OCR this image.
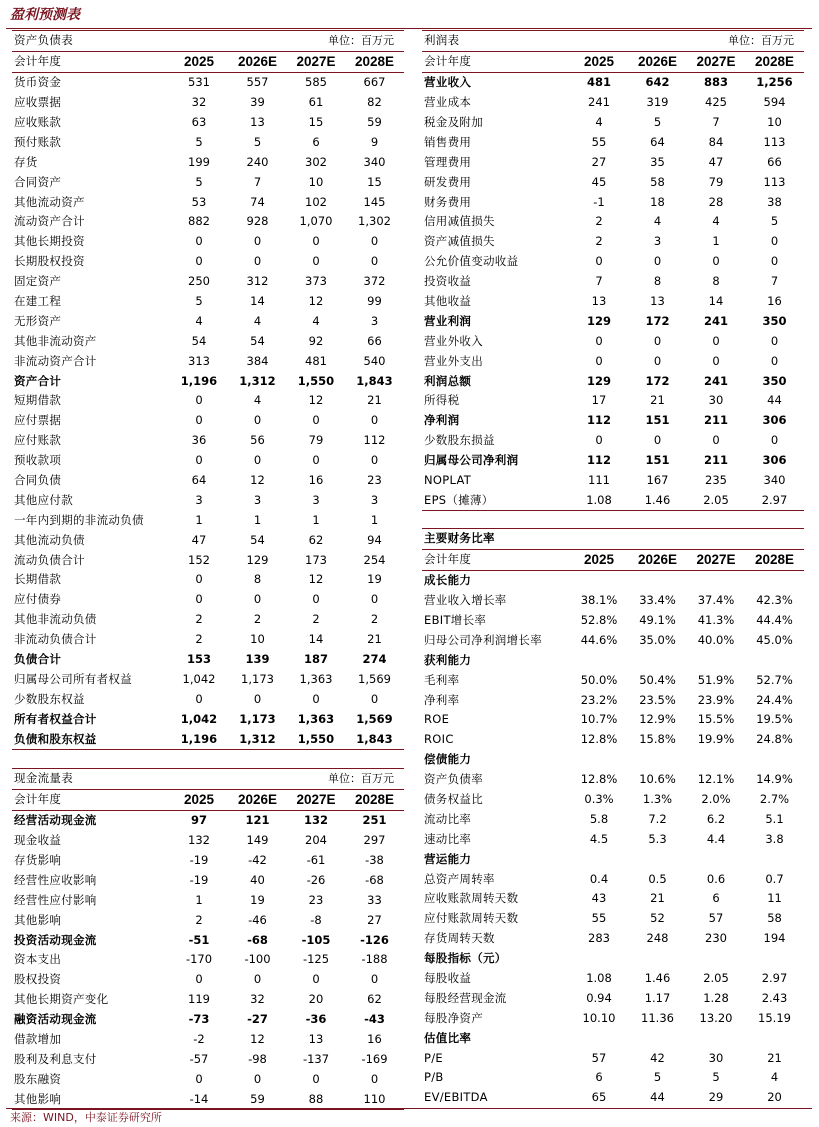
盈利预测表
资产负债表		单位：百万元		
会计年度	2025	2026E	2027E	2028E
货币资金	531	557	585	667
应收票据	32	39	61	82
应收账款	63	13	15	59
预付账款	5	5	6	9
存货	199	240	302	340
合同资产	5	7	10	15
其他流动资产	53	74	102	145
流动资产合计	882	928	1,070	1,302
其他长期投资	0	0	0	0
长期股权投资	0	0	0	0
固定资产	250	312	373	372
在建工程	5	14	12	99
无形资产	4	4	4	3
其他非流动资产	54	54	92	66
非流动资产合计	313	384	481	540
资产合计	1,196	1,312	1,550	1,843
短期借款	0	4	12	21
应付票据	0	0	0	0
应付账款	36	56	79	112
预收款项	0	0	0	0
合同负债	64	12	16	23
其他应付款	3	3	3	3
一年内到期的非流动负债	1	1	1	1
其他流动负债	47	54	62	94
流动负债合计	152	129	173	254
长期借款	0	8	12	19
应付债券	0	0	0	0
其他非流动负债	2	2	2	2
非流动负债合计	2	10	14	21
负债合计	153	139	187	274
归属母公司所有者权益	1,042	1,173	1,363	1,569
少数股东权益	0	0	0	0
所有者权益合计	1,042	1,173	1,363	1,569
负债和股东权益	1,196	1,312	1,550	1,843
现金流量表		单位：百万元		
会计年度	2025	2026E	2027E	2028E
经营活动现金流	97	121	132	251
现金收益	132	149	204	297
存货影响	-19	-42	-61	-38
经营性应收影响	-19	40	-26	-68
经营性应付影响	1	19	23	33
其他影响	2	-46	-8	27
投资活动现金流	-51	-68	-105	-126
资本支出	-170	-100	-125	-188
股权投资	0	0	0	0
其他长期资产变化	119	32	20	62
融资活动现金流	-73	-27	-36	-43
借款增加	-2	12	13	16
股利及利息支付	-57	-98	-137	-169
股东融资	0	0	0	0
其他影响	-14	59	88	110
利润表		单位：百万元		
会计年度	2025	2026E	2027E	2028E
营业收入	481	642	883	1,256
营业成本	241	319	425	594
税金及附加	4	5	7	10
销售费用	55	64	84	113
管理费用	27	35	47	66
研发费用	45	58	79	113
财务费用	-1	18	28	38
信用减值损失	2	4	4	5
资产减值损失	2	3	1	0
公允价值变动收益	0	0	0	0
投资收益	7	8	8	7
其他收益	13	13	14	16
营业利润	129	172	241	350
营业外收入	0	0	0	0
营业外支出	0	0	0	0
利润总额	129	172	241	350
所得税	17	21	30	44
净利润	112	151	211	306
少数股东损益	0	0	0	0
归属母公司净利润	112	151	211	306
NOPLAT	111	167	235	340
EPS（摊薄）	1.08	1.46	2.05	2.97
主要财务比率				
会计年度	2025	2026E	2027E	2028E
成长能力				
营业收入增长率	38.1%	33.4%	37.4%	42.3%
EBIT增长率	52.8%	49.1%	41.3%	44.4%
归母公司净利润增长率	44.6%	35.0%	40.0%	45.0%
获利能力				
毛利率	50.0%	50.4%	51.9%	52.7%
净利率	23.2%	23.5%	23.9%	24.4%
ROE	10.7%	12.9%	15.5%	19.5%
ROIC	12.8%	15.8%	19.9%	24.8%
偿债能力				
资产负债率	12.8%	10.6%	12.1%	14.9%
债务权益比	0.3%	1.3%	2.0%	2.7%
流动比率	5.8	7.2	6.2	5.1
速动比率	4.5	5.3	4.4	3.8
营运能力				
总资产周转率	0.4	0.5	0.6	0.7
应收账款周转天数	43	21	6	11
应付账款周转天数	55	52	57	58
存货周转天数	283	248	230	194
每股指标（元）				
每股收益	1.08	1.46	2.05	2.97
每股经营现金流	0.94	1.17	1.28	2.43
每股净资产	10.10	11.36	13.20	15.19
估值比率				
P/E	57	42	30	21
P/B	6	5	5	4
EV/EBITDA	65	44	29	20
来源：WIND，中泰证券研究所
